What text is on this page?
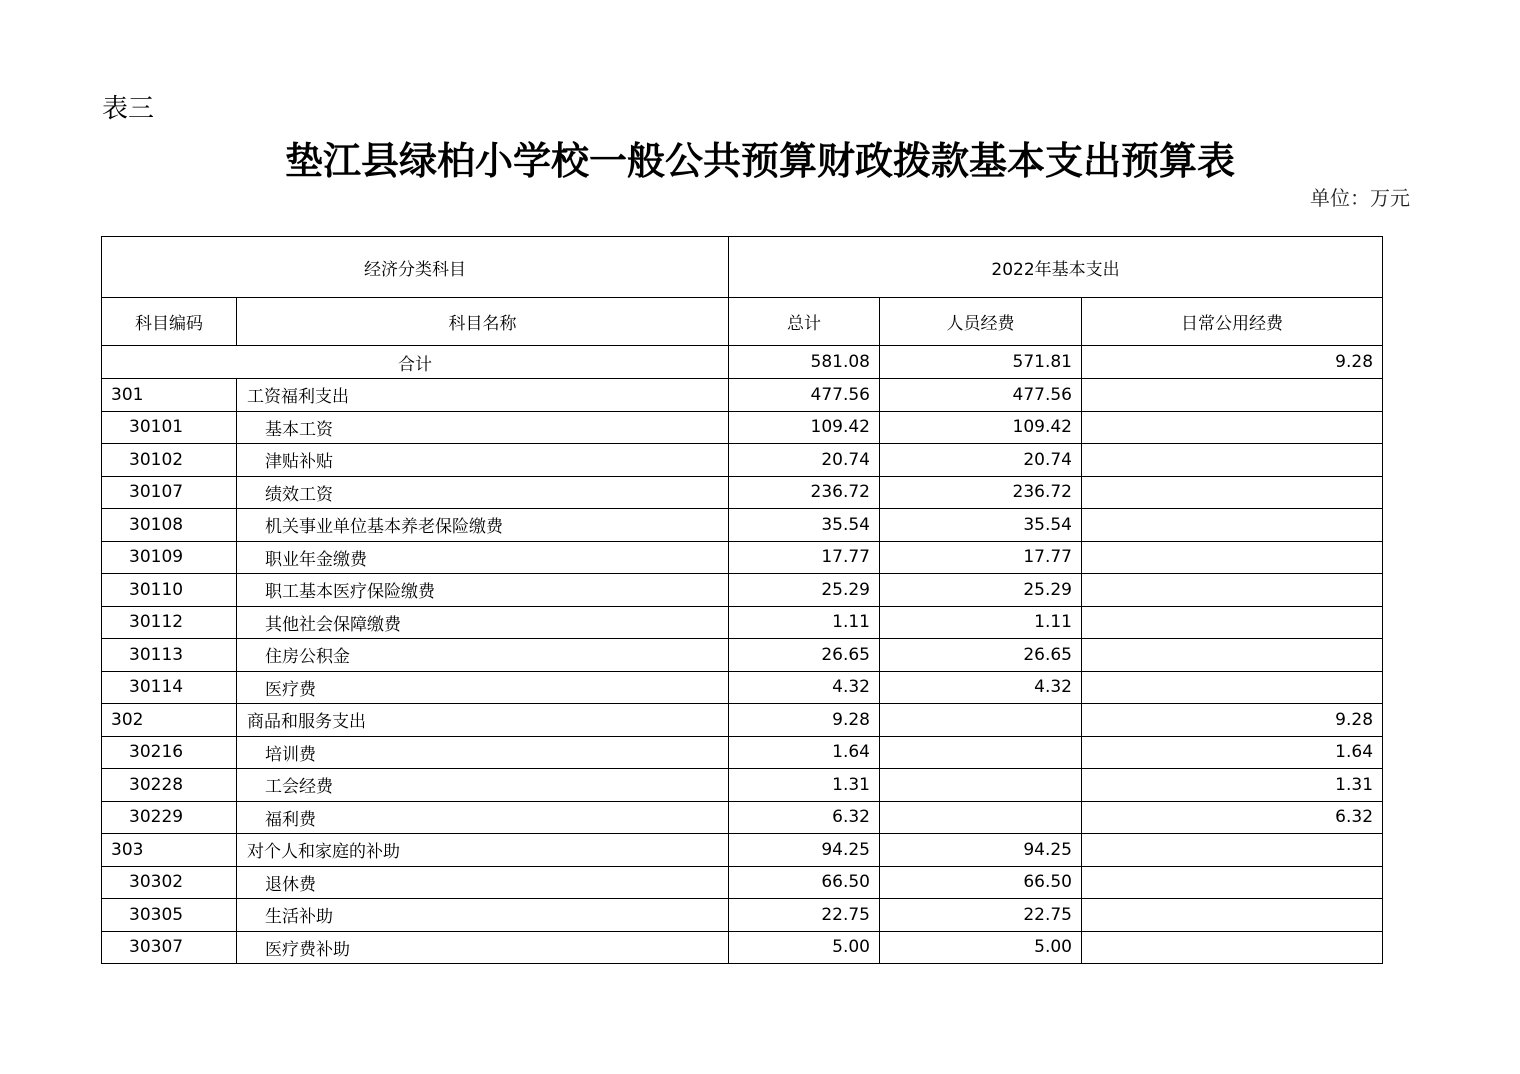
表三

垫江县绿柏小学校一般公共预算财政拨款基本支出预算表

单位：万元

经济分类科目		2022年基本支出		
科目编码	科目名称	总计	人员经费	日常公用经费
合计		581.08	571.81	9.28
301	工资福利支出	477.56	477.56	
30101	基本工资	109.42	109.42	
30102	津贴补贴	20.74	20.74	
30107	绩效工资	236.72	236.72	
30108	机关事业单位基本养老保险缴费	35.54	35.54	
30109	职业年金缴费	17.77	17.77	
30110	职工基本医疗保险缴费	25.29	25.29	
30112	其他社会保障缴费	1.11	1.11	
30113	住房公积金	26.65	26.65	
30114	医疗费	4.32	4.32	
302	商品和服务支出	9.28		9.28
30216	培训费	1.64		1.64
30228	工会经费	1.31		1.31
30229	福利费	6.32		6.32
303	对个人和家庭的补助	94.25	94.25	
30302	退休费	66.50	66.50	
30305	生活补助	22.75	22.75	
30307	医疗费补助	5.00	5.00	
